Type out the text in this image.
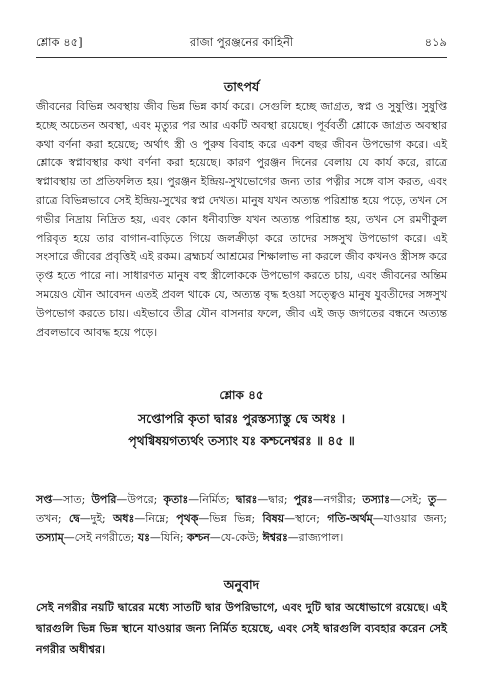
শ্লোক ৪৫]	রাজা পুরঞ্জনের কাহিনী	৪১৯
তাৎপর্য

জীবনের বিভিন্ন অবস্থায় জীব ভিন্ন ভিন্ন কার্য করে। সেগুলি হচ্ছে জাগ্রত, স্বপ্ন ও সুষুপ্তি। সুষুপ্তি হচ্ছে অচেতন অবস্থা, এবং মৃত্যুর পর আর একটি অবস্থা রয়েছে। পূর্ববর্তী শ্লোকে জাগ্রত অবস্থার কথা বর্ণনা করা হয়েছে; অর্থাৎ স্ত্রী ও পুরুষ বিবাহ করে একশ বছর জীবন উপভোগ করে। এই শ্লোকে স্বপ্নাবস্থার কথা বর্ণনা করা হয়েছে। কারণ পুরঞ্জন দিনের বেলায় যে কার্য করে, রাত্রে স্বপ্নাবস্থায় তা প্রতিফলিত হয়। পুরঞ্জন ইন্দ্রিয়-সুখভোগের জন্য তার পত্নীর সঙ্গে বাস করত, এবং রাত্রে বিভিন্নভাবে সেই ইন্দ্রিয়-সুখের স্বপ্ন দেখত। মানুষ যখন অত্যন্ত পরিশ্রান্ত হয়ে পড়ে, তখন সে গভীর নিদ্রায় নিদ্রিত হয়, এবং কোন ধনীব্যক্তি যখন অত্যন্ত পরিশ্রান্ত হয়, তখন সে রমণীকুল পরিবৃত হয়ে তার বাগান-বাড়িতে গিয়ে জলক্রীড়া করে তাদের সঙ্গসুখ উপভোগ করে। এই সংসারে জীবের প্রবৃত্তিই এই রকম। ব্রহ্মচর্য আশ্রমের শিক্ষালাভ না করলে জীব কখনও স্ত্রীসঙ্গ করে তৃপ্ত হতে পারে না। সাধারণত মানুষ বহু স্ত্রীলোককে উপভোগ করতে চায়, এবং জীবনের অন্তিম সময়েও যৌন আবেদন এতই প্রবল থাকে যে, অত্যন্ত বৃদ্ধ হওয়া সত্ত্বেও মানুষ যুবতীদের সঙ্গসুখ উপভোগ করতে চায়। এইভাবে তীব্র যৌন বাসনার ফলে, জীব এই জড় জগতের বন্ধনে অত্যন্ত প্রবলভাবে আবদ্ধ হয়ে পড়ে।

শ্লোক ৪৫
সপ্তোপরি কৃতা দ্বারঃ পুরস্তস্যাস্তু দ্বে অধঃ ।
পৃথগ্বিষয়গত্যর্থং তস্যাং যঃ কশ্চনেশ্বরঃ ॥ ৪৫ ॥

সপ্ত—সাত; উপরি—উপরে; কৃতাঃ—নির্মিত; দ্বারঃ—দ্বার; পুরঃ—নগরীর; তস্যাঃ—সেই; তু—তখন; দ্বে—দুই; অধঃ—নিম্নে; পৃথক্—ভিন্ন ভিন্ন; বিষয়—স্থানে; গতি-অর্থম্—যাওয়ার জন্য; তস্যাম্—সেই নগরীতে; যঃ—যিনি; কশ্চন—যে-কেউ; ঈশ্বরঃ—রাজ্যপাল।

অনুবাদ

সেই নগরীর নয়টি দ্বারের মধ্যে সাতটি দ্বার উপরিভাগে, এবং দুটি দ্বার অধোভাগে রয়েছে। এই দ্বারগুলি ভিন্ন ভিন্ন স্থানে যাওয়ার জন্য নির্মিত হয়েছে, এবং সেই দ্বারগুলি ব্যবহার করেন সেই নগরীর অধীশ্বর।
